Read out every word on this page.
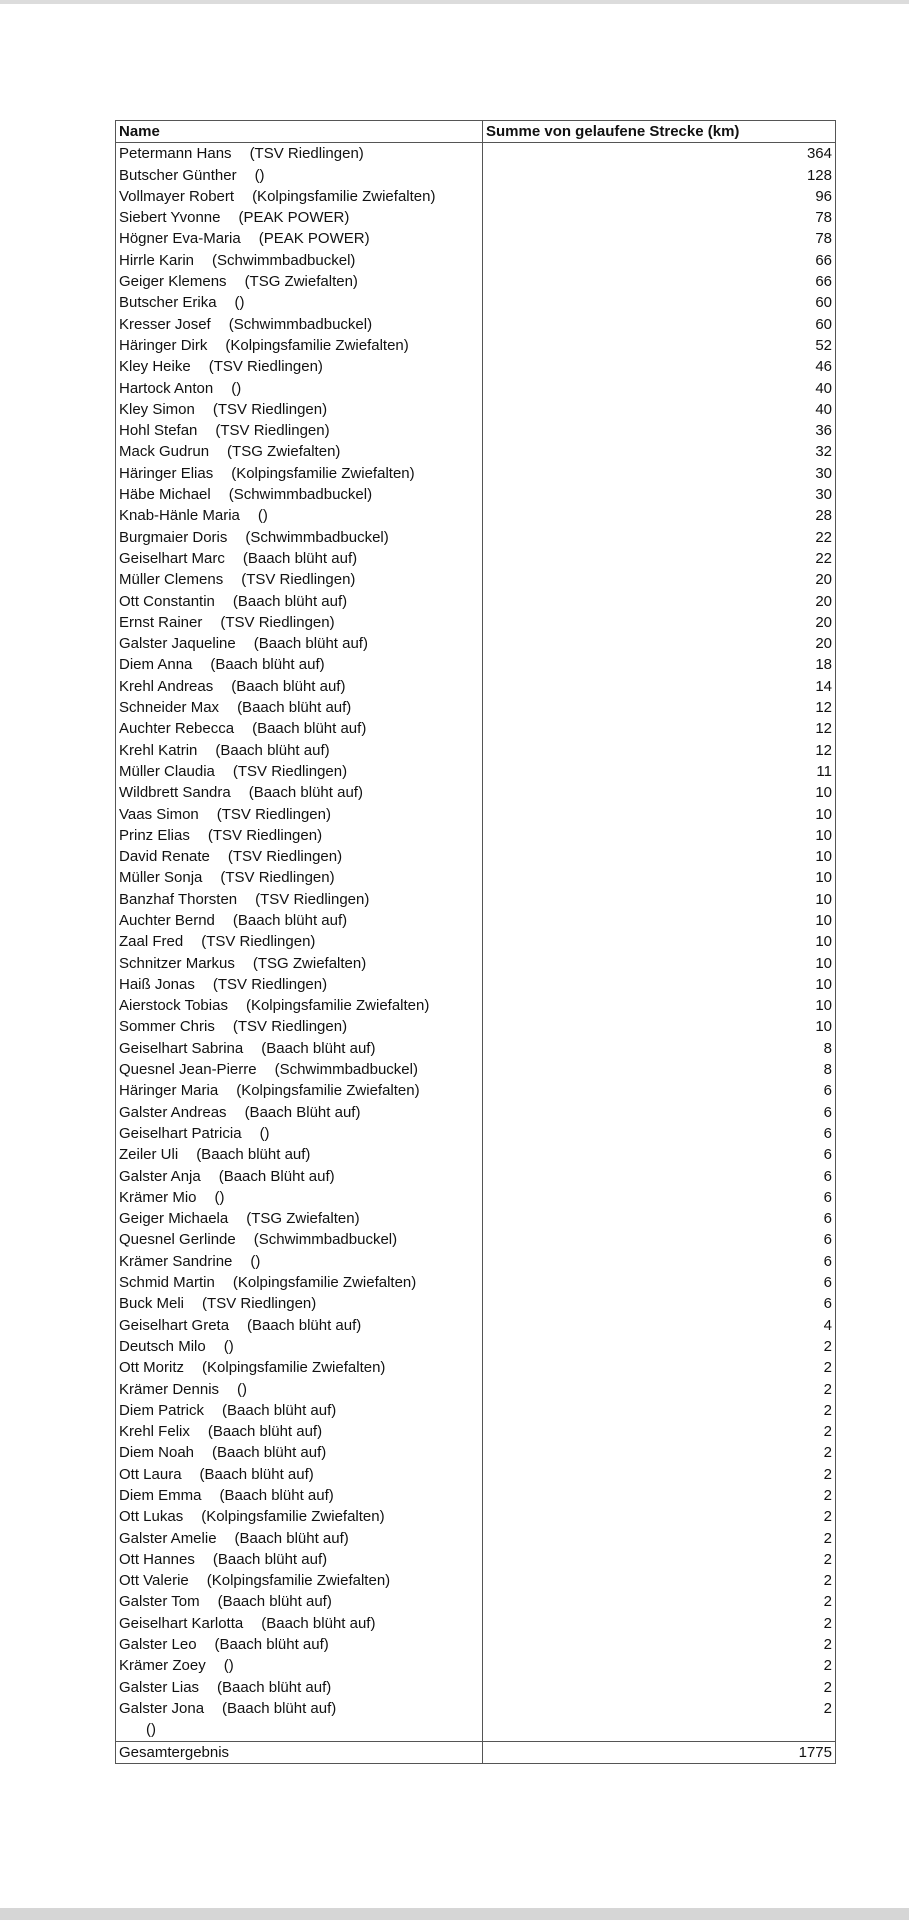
Name	Summe von gelaufene Strecke (km)
Petermann Hans (TSV Riedlingen)	364
Butscher Günther ()	128
Vollmayer Robert (Kolpingsfamilie Zwiefalten)	96
Siebert Yvonne (PEAK POWER)	78
Högner Eva-Maria (PEAK POWER)	78
Hirrle Karin (Schwimmbadbuckel)	66
Geiger Klemens (TSG Zwiefalten)	66
Butscher Erika ()	60
Kresser Josef (Schwimmbadbuckel)	60
Häringer Dirk (Kolpingsfamilie Zwiefalten)	52
Kley Heike (TSV Riedlingen)	46
Hartock Anton ()	40
Kley Simon (TSV Riedlingen)	40
Hohl Stefan (TSV Riedlingen)	36
Mack Gudrun (TSG Zwiefalten)	32
Häringer Elias (Kolpingsfamilie Zwiefalten)	30
Häbe Michael (Schwimmbadbuckel)	30
Knab-Hänle Maria ()	28
Burgmaier Doris (Schwimmbadbuckel)	22
Geiselhart Marc (Baach blüht auf)	22
Müller Clemens (TSV Riedlingen)	20
Ott Constantin (Baach blüht auf)	20
Ernst Rainer (TSV Riedlingen)	20
Galster Jaqueline (Baach blüht auf)	20
Diem Anna (Baach blüht auf)	18
Krehl Andreas (Baach blüht auf)	14
Schneider Max (Baach blüht auf)	12
Auchter Rebecca (Baach blüht auf)	12
Krehl Katrin (Baach blüht auf)	12
Müller Claudia (TSV Riedlingen)	11
Wildbrett Sandra (Baach blüht auf)	10
Vaas Simon (TSV Riedlingen)	10
Prinz Elias (TSV Riedlingen)	10
David Renate (TSV Riedlingen)	10
Müller Sonja (TSV Riedlingen)	10
Banzhaf Thorsten (TSV Riedlingen)	10
Auchter Bernd (Baach blüht auf)	10
Zaal Fred (TSV Riedlingen)	10
Schnitzer Markus (TSG Zwiefalten)	10
Haiß Jonas (TSV Riedlingen)	10
Aierstock Tobias (Kolpingsfamilie Zwiefalten)	10
Sommer Chris (TSV Riedlingen)	10
Geiselhart Sabrina (Baach blüht auf)	8
Quesnel Jean-Pierre (Schwimmbadbuckel)	8
Häringer Maria (Kolpingsfamilie Zwiefalten)	6
Galster Andreas (Baach Blüht auf)	6
Geiselhart Patricia ()	6
Zeiler Uli (Baach blüht auf)	6
Galster Anja (Baach Blüht auf)	6
Krämer Mio ()	6
Geiger Michaela (TSG Zwiefalten)	6
Quesnel Gerlinde (Schwimmbadbuckel)	6
Krämer Sandrine ()	6
Schmid Martin (Kolpingsfamilie Zwiefalten)	6
Buck Meli (TSV Riedlingen)	6
Geiselhart Greta (Baach blüht auf)	4
Deutsch Milo ()	2
Ott Moritz (Kolpingsfamilie Zwiefalten)	2
Krämer Dennis ()	2
Diem Patrick (Baach blüht auf)	2
Krehl Felix (Baach blüht auf)	2
Diem Noah (Baach blüht auf)	2
Ott Laura (Baach blüht auf)	2
Diem Emma (Baach blüht auf)	2
Ott Lukas (Kolpingsfamilie Zwiefalten)	2
Galster Amelie (Baach blüht auf)	2
Ott Hannes (Baach blüht auf)	2
Ott Valerie (Kolpingsfamilie Zwiefalten)	2
Galster Tom (Baach blüht auf)	2
Geiselhart Karlotta (Baach blüht auf)	2
Galster Leo (Baach blüht auf)	2
Krämer Zoey ()	2
Galster Lias (Baach blüht auf)	2
Galster Jona (Baach blüht auf)	2
()
Gesamtergebnis	1775
